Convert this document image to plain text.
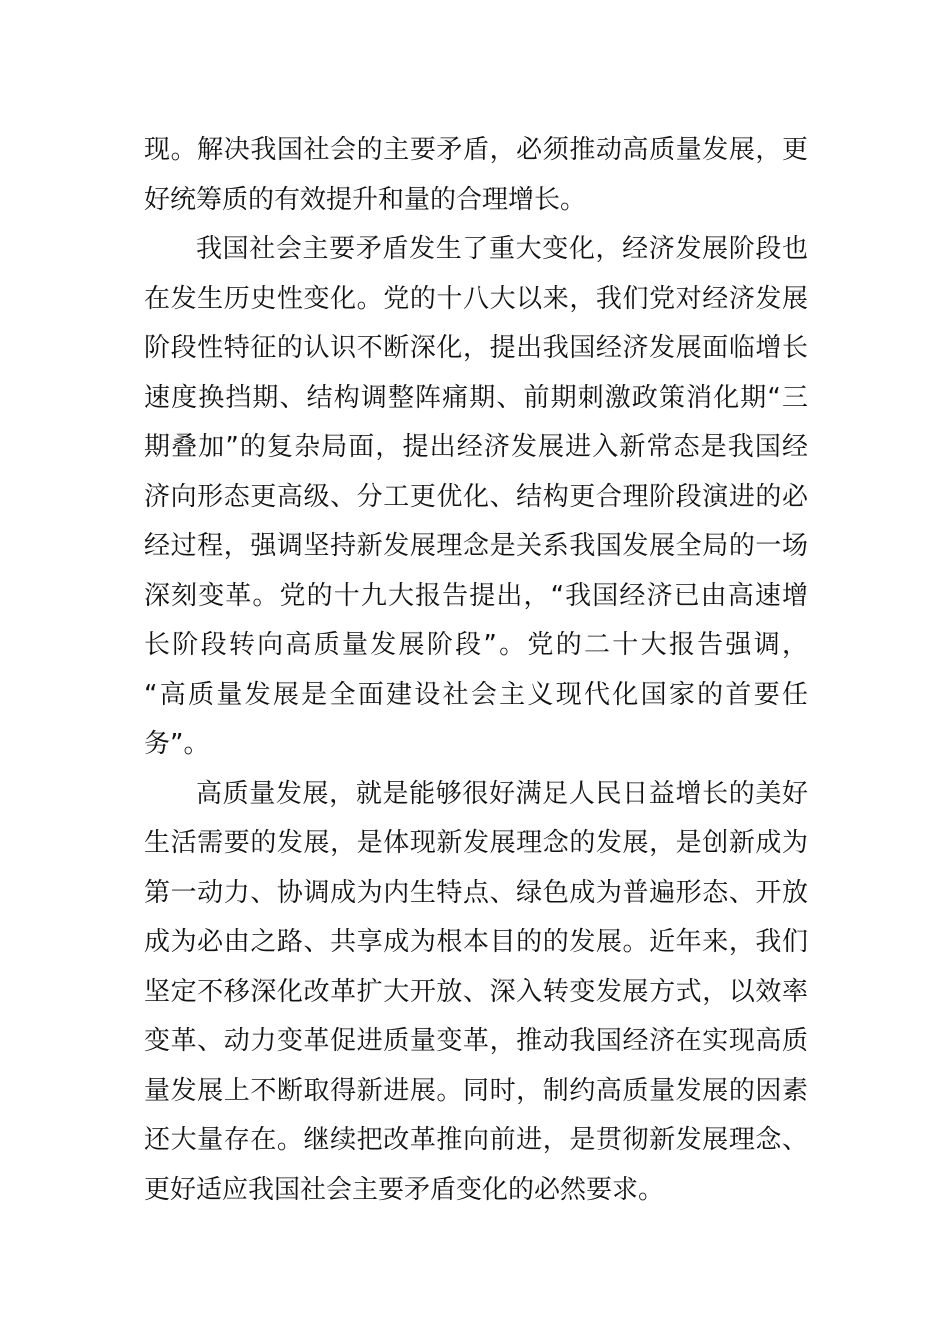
现。解决我国社会的主要矛盾，必须推动高质量发展，更
好统筹质的有效提升和量的合理增长。
我国社会主要矛盾发生了重大变化，经济发展阶段也
在发生历史性变化。党的十八大以来，我们党对经济发展
阶段性特征的认识不断深化，提出我国经济发展面临增长
速度换挡期、结构调整阵痛期、前期刺激政策消化期“三
期叠加”的复杂局面，提出经济发展进入新常态是我国经
济向形态更高级、分工更优化、结构更合理阶段演进的必
经过程，强调坚持新发展理念是关系我国发展全局的一场
深刻变革。党的十九大报告提出，“我国经济已由高速增
长阶段转向高质量发展阶段”。党的二十大报告强调，
“高质量发展是全面建设社会主义现代化国家的首要任
务”。
高质量发展，就是能够很好满足人民日益增长的美好
生活需要的发展，是体现新发展理念的发展，是创新成为
第一动力、协调成为内生特点、绿色成为普遍形态、开放
成为必由之路、共享成为根本目的的发展。近年来，我们
坚定不移深化改革扩大开放、深入转变发展方式，以效率
变革、动力变革促进质量变革，推动我国经济在实现高质
量发展上不断取得新进展。同时，制约高质量发展的因素
还大量存在。继续把改革推向前进，是贯彻新发展理念、
更好适应我国社会主要矛盾变化的必然要求。
